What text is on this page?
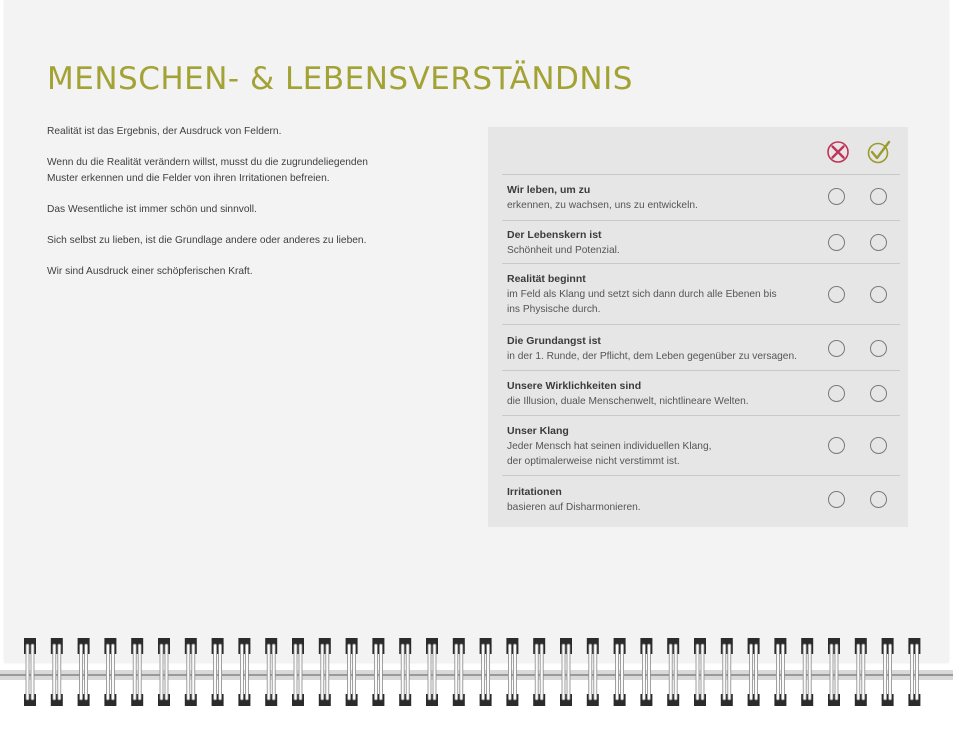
MENSCHEN- & LEBENSVERSTÄNDNIS

Realität ist das Ergebnis, der Ausdruck von Feldern.

Wenn du die Realität verändern willst, musst du die zugrundeliegenden
Muster erkennen und die Felder von ihren Irritationen befreien.

Das Wesentliche ist immer schön und sinnvoll.

Sich selbst zu lieben, ist die Grundlage andere oder anderes zu lieben.

Wir sind Ausdruck einer schöpferischen Kraft.

Wir leben, um zu
erkennen, zu wachsen, uns zu entwickeln.
Der Lebenskern ist
Schönheit und Potenzial.
Realität beginnt
im Feld als Klang und setzt sich dann durch alle Ebenen bis
ins Physische durch.
Die Grundangst ist
in der 1. Runde, der Pflicht, dem Leben gegenüber zu versagen.
Unsere Wirklichkeiten sind
die Illusion, duale Menschenwelt, nichtlineare Welten.
Unser Klang
Jeder Mensch hat seinen individuellen Klang,
der optimalerweise nicht verstimmt ist.
Irritationen
basieren auf Disharmonieren.
